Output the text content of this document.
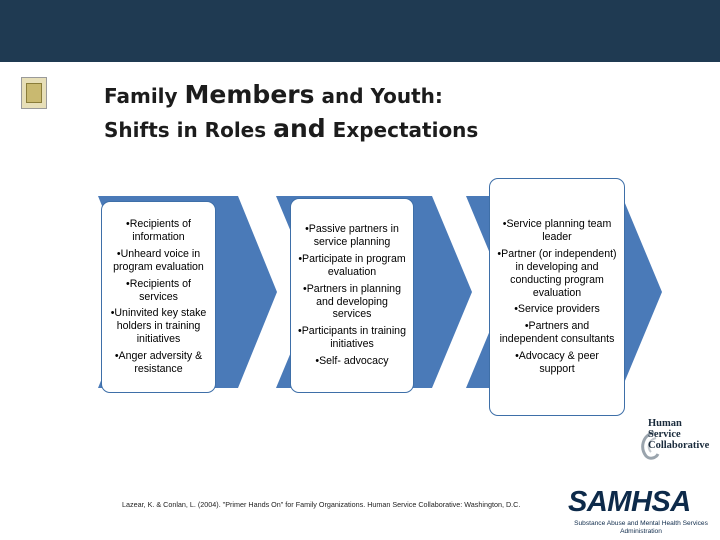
Family Members and Youth:
Shifts in Roles and Expectations
•Recipients of information
•Unheard voice in program evaluation
•Recipients of services
•Uninvited key stake holders in training initiatives
•Anger adversity & resistance
•Passive partners in service planning
•Participate in program evaluation
•Partners in planning and developing services
•Participants in training initiatives
•Self- advocacy
•Service planning team leader
•Partner (or independent) in developing and conducting program evaluation
•Service providers
•Partners and independent consultants
•Advocacy & peer support
Lazear, K. & Conlan, L. (2004). "Primer Hands On" for Family Organizations. Human Service Collaborative: Washington, D.C.
Human
Service
Collaborative
SAMHSA
Substance Abuse and Mental Health Services Administration
